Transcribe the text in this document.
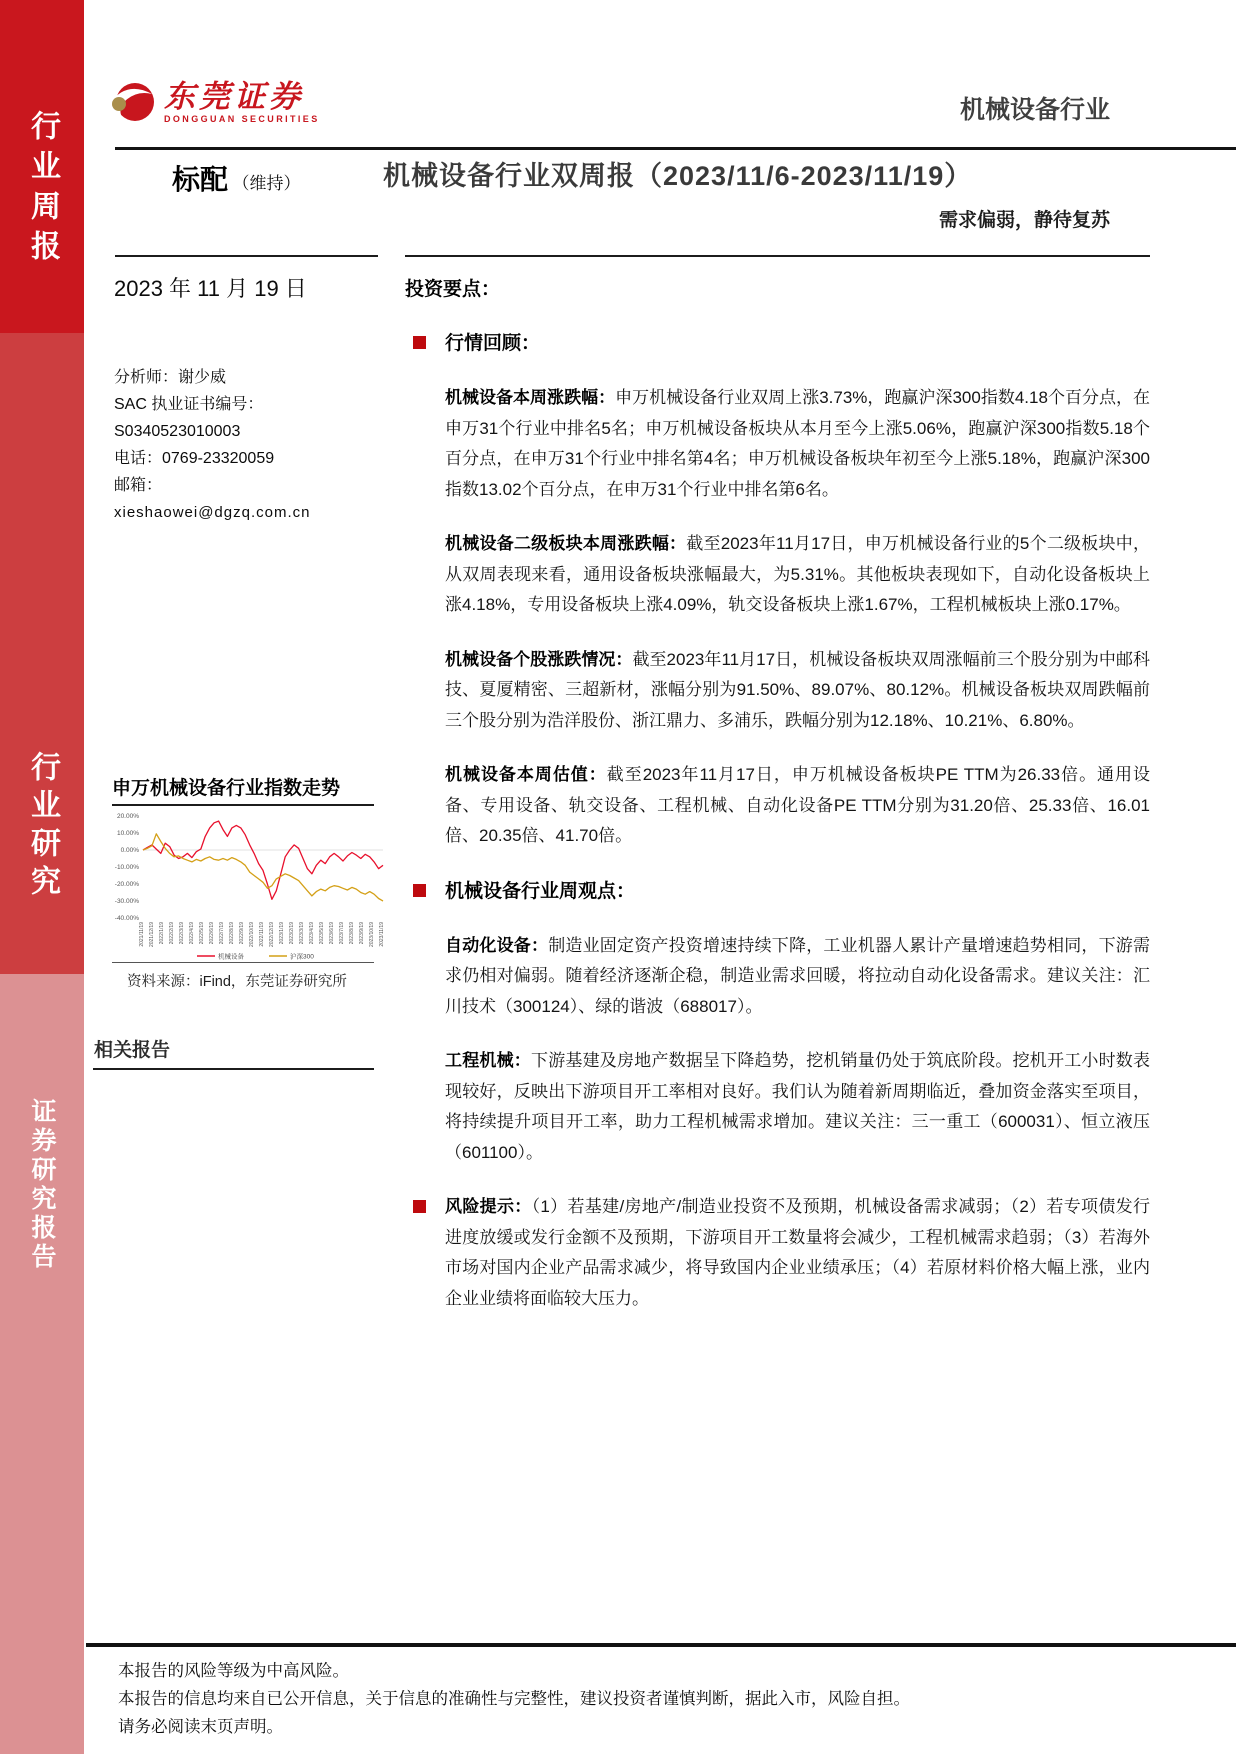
行业周报
行业研究
证券研究报告
东莞证券
DONGGUAN SECURITIES	机械设备行业
标配 （维持）	机械设备行业双周报（2023/11/6-2023/11/19）
需求偏弱，静待复苏
2023 年 11 月 19 日
分析师：谢少威
SAC 执业证书编号：
S0340523010003
电话：0769-23320059
邮箱：
xieshaowei@dgzq.com.cn
申万机械设备行业指数走势
20.00%
10.00%
0.00%
-10.00%
-20.00%
-30.00%
-40.00%
2021/11/19 2021/12/19 2022/1/19 2022/2/19 2022/3/19 2022/4/19 2022/5/19 2022/6/19 2022/7/19 2022/8/19 2022/9/19 2022/10/19 2022/11/19 2022/12/19 2023/1/19 2023/2/19 2023/3/19 2023/4/19 2023/5/19 2023/6/19 2023/7/19 2023/8/19 2023/9/19 2023/10/19 2023/11/19
机械设备	沪深300
资料来源：iFind，东莞证券研究所
相关报告
投资要点：
行情回顾：
机械设备本周涨跌幅：申万机械设备行业双周上涨3.73%，跑赢沪深300指数4.18个百分点，在申万31个行业中排名5名；申万机械设备板块从本月至今上涨5.06%，跑赢沪深300指数5.18个百分点，在申万31个行业中排名第4名；申万机械设备板块年初至今上涨5.18%，跑赢沪深300指数13.02个百分点，在申万31个行业中排名第6名。
机械设备二级板块本周涨跌幅：截至2023年11月17日，申万机械设备行业的5个二级板块中，从双周表现来看，通用设备板块涨幅最大，为5.31%。其他板块表现如下，自动化设备板块上涨4.18%，专用设备板块上涨4.09%，轨交设备板块上涨1.67%，工程机械板块上涨0.17%。
机械设备个股涨跌情况：截至2023年11月17日，机械设备板块双周涨幅前三个股分别为中邮科技、夏厦精密、三超新材，涨幅分别为91.50%、89.07%、80.12%。机械设备板块双周跌幅前三个股分别为浩洋股份、浙江鼎力、多浦乐，跌幅分别为12.18%、10.21%、6.80%。
机械设备本周估值：截至2023年11月17日，申万机械设备板块PE TTM为26.33倍。通用设备、专用设备、轨交设备、工程机械、自动化设备PE TTM分别为31.20倍、25.33倍、16.01倍、20.35倍、41.70倍。
机械设备行业周观点：
自动化设备：制造业固定资产投资增速持续下降，工业机器人累计产量增速趋势相同，下游需求仍相对偏弱。随着经济逐渐企稳，制造业需求回暖，将拉动自动化设备需求。建议关注：汇川技术（300124）、绿的谐波（688017）。
工程机械：下游基建及房地产数据呈下降趋势，挖机销量仍处于筑底阶段。挖机开工小时数表现较好，反映出下游项目开工率相对良好。我们认为随着新周期临近，叠加资金落实至项目，将持续提升项目开工率，助力工程机械需求增加。建议关注：三一重工（600031）、恒立液压（601100）。
风险提示：（1）若基建/房地产/制造业投资不及预期，机械设备需求减弱；（2）若专项债发行进度放缓或发行金额不及预期，下游项目开工数量将会减少，工程机械需求趋弱；（3）若海外市场对国内企业产品需求减少，将导致国内企业业绩承压；（4）若原材料价格大幅上涨，业内企业业绩将面临较大压力。
本报告的风险等级为中高风险。
本报告的信息均来自已公开信息，关于信息的准确性与完整性，建议投资者谨慎判断，据此入市，风险自担。
请务必阅读末页声明。
